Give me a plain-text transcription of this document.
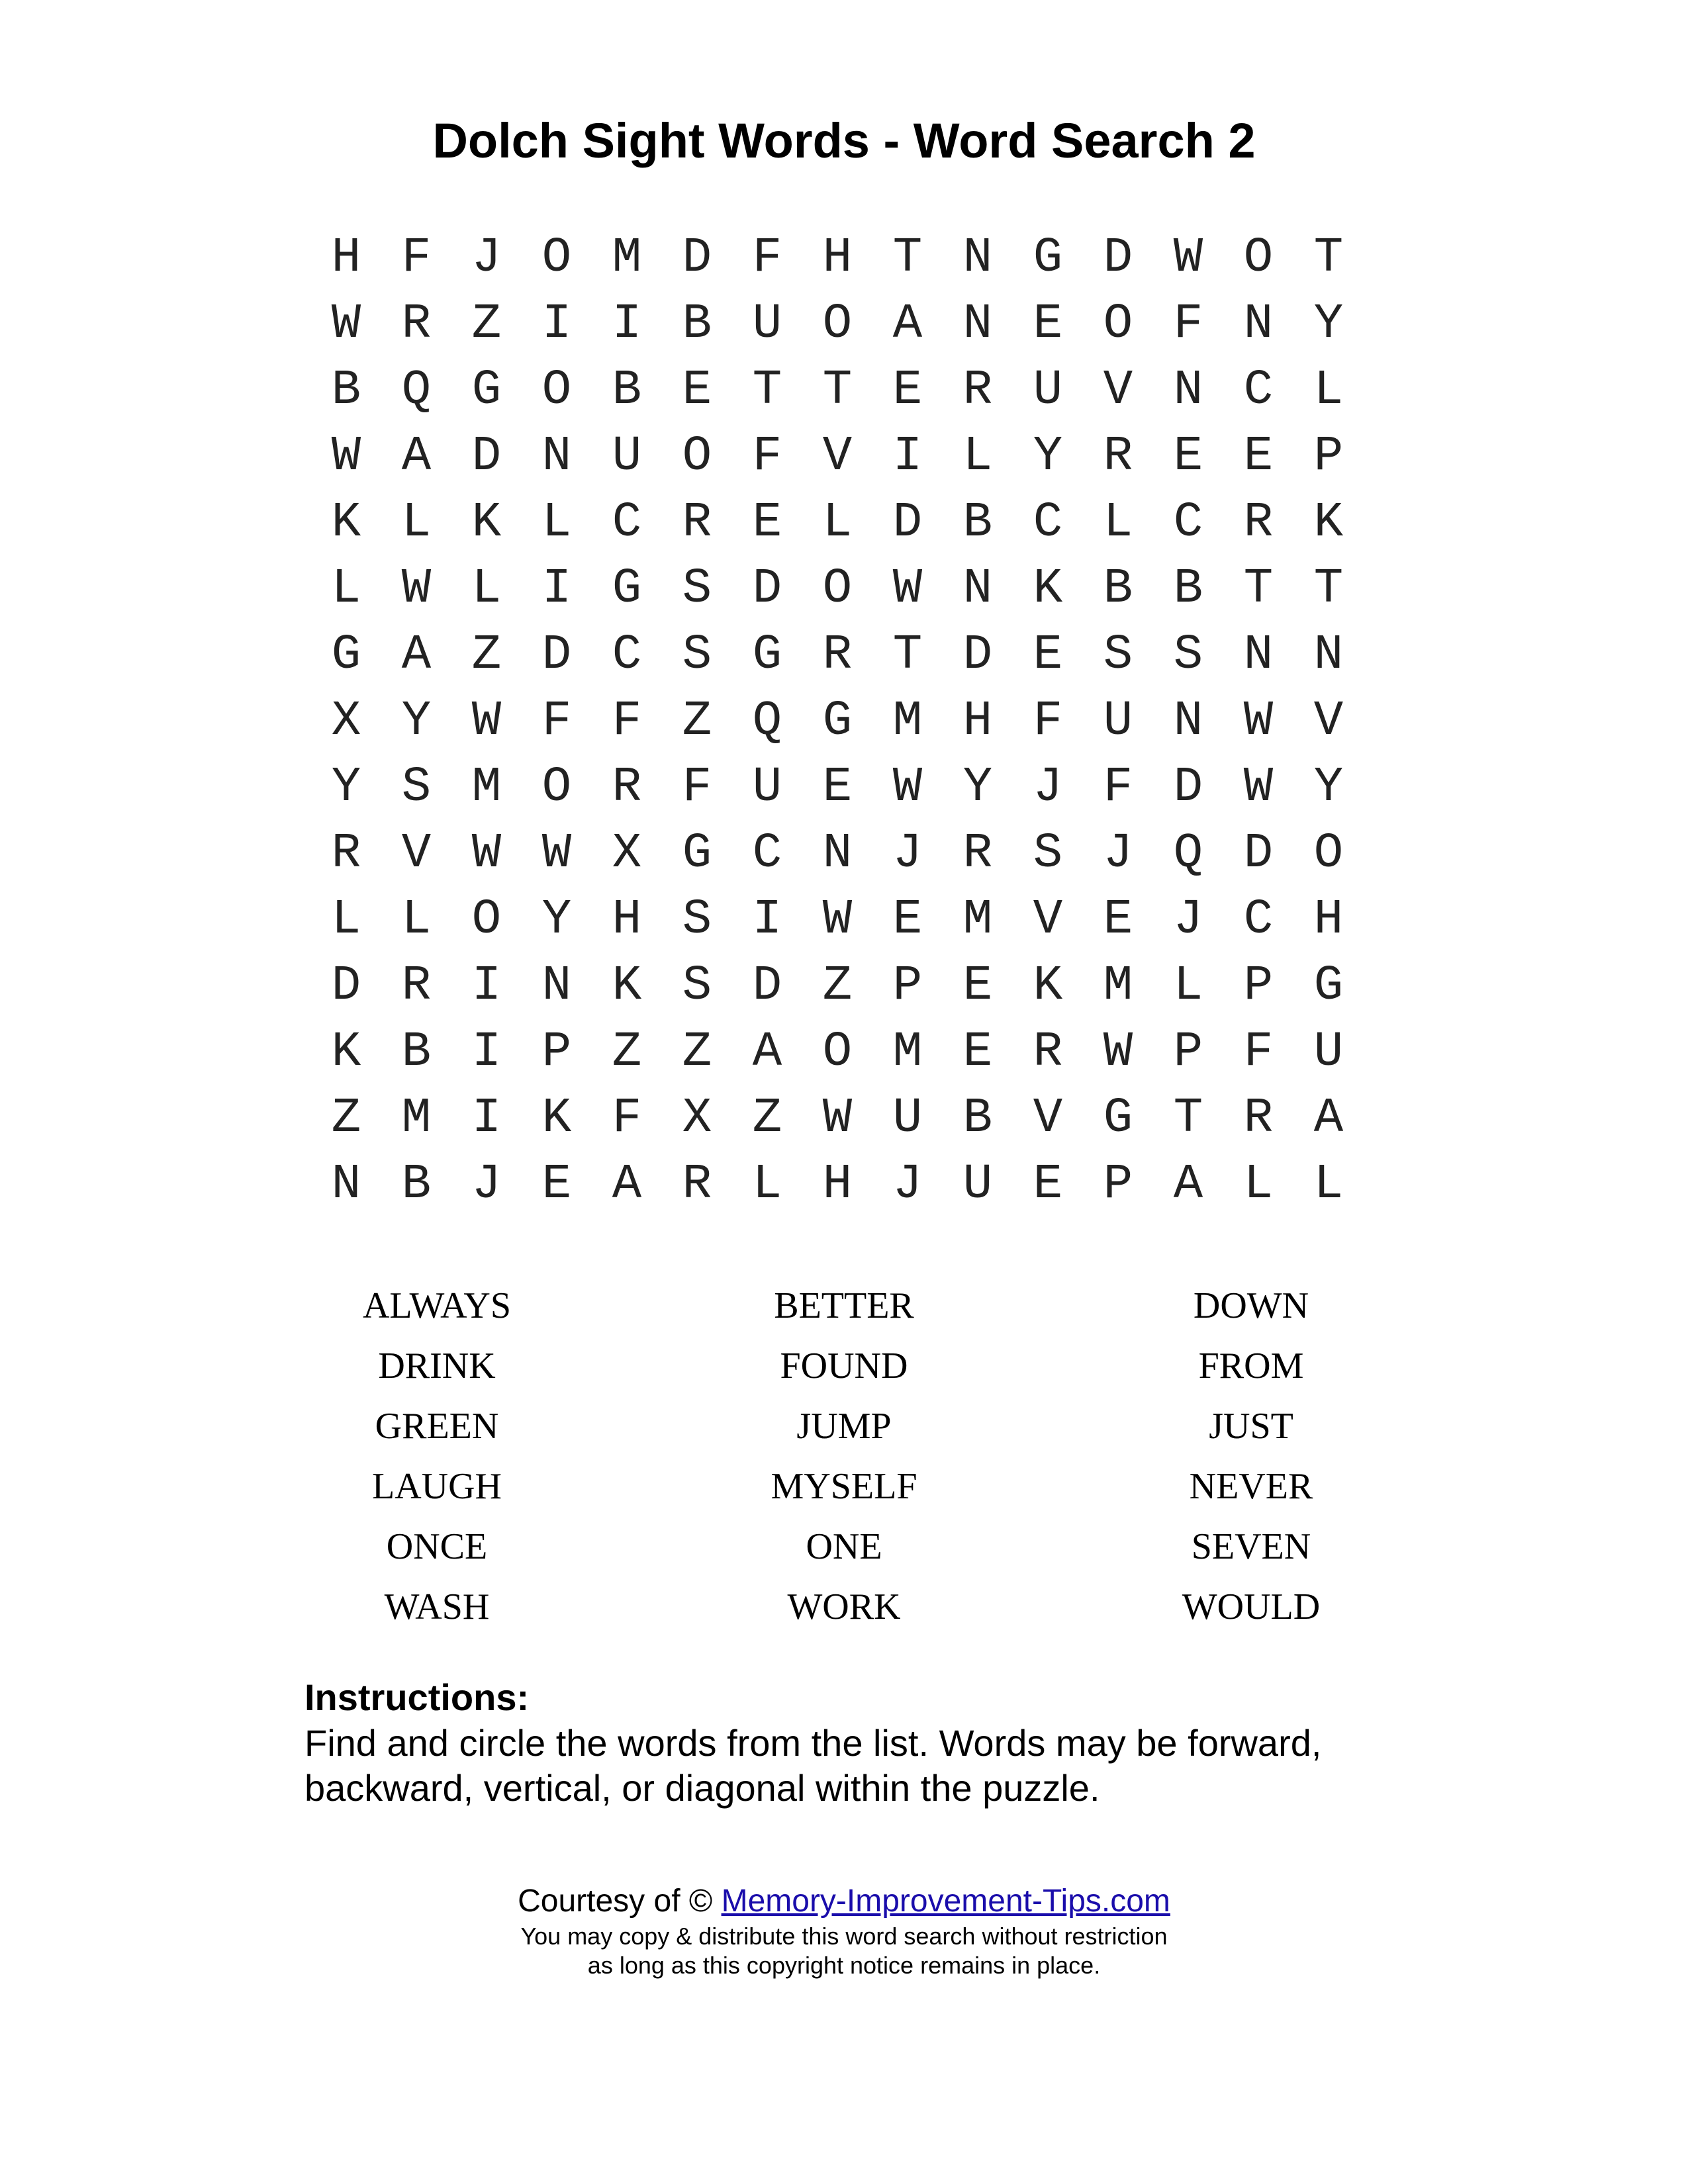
Dolch Sight Words - Word Search 2
H F J O M D F H T N G D W O T
W R Z I I B U O A N E O F N Y
B Q G O B E T T E R U V N C L
W A D N U O F V I L Y R E E P
K L K L C R E L D B C L C R K
L W L I G S D O W N K B B T T
G A Z D C S G R T D E S S N N
X Y W F F Z Q G M H F U N W V
Y S M O R F U E W Y J F D W Y
R V W W X G C N J R S J Q D O
L L O Y H S I W E M V E J C H
D R I N K S D Z P E K M L P G
K B I P Z Z A O M E R W P F U
Z M I K F X Z W U B V G T R A
N B J E A R L H J U E P A L L
ALWAYS	BETTER	DOWN
DRINK	FOUND	FROM
GREEN	JUMP	JUST
LAUGH	MYSELF	NEVER
ONCE	ONE	SEVEN
WASH	WORK	WOULD
Instructions:
Find and circle the words from the list. Words may be forward,
backward, vertical, or diagonal within the puzzle.
Courtesy of © Memory-Improvement-Tips.com
You may copy & distribute this word search without restriction
as long as this copyright notice remains in place.
